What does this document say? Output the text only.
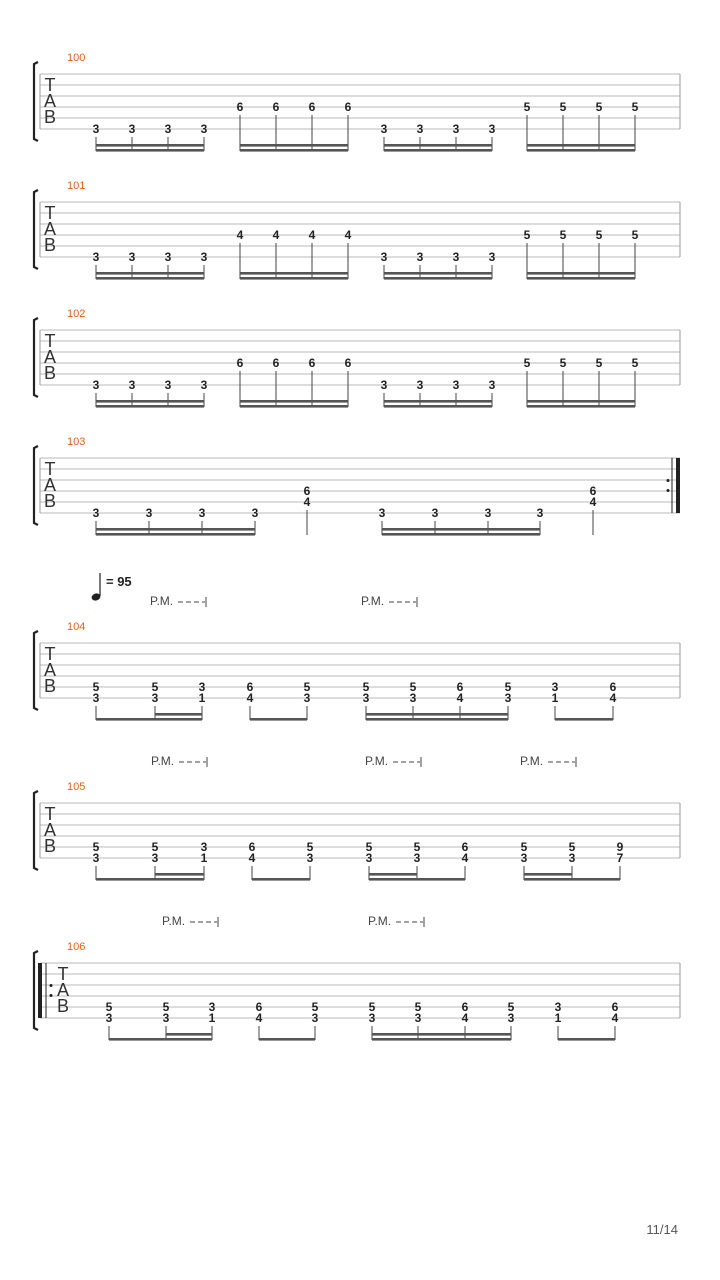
T
A
B
100
3 3 3 3
6 6 6 6
3 3 3 3
5 5 5 5
T
A
B
101
3 3 3 3
4 4 4 4
3 3 3 3
5 5 5 5
T
A
B
102
3 3 3 3
6 6 6 6
3 3 3 3
5 5 5 5
T
A
B
103
3	3	3	3
6
4
3	3	3	3
6
4
T
A
B
104
= 95
P.M.	P.M.
5
3
5
3
3
1
6
4
5
3
5
3
5
3
6
4
5
3
3
1
6
4
T
A
B
105
P.M.	P.M.	P.M.
5
3
5
3
3
1
6
4
5
3
5
3
5
3
6
4
5
3
5
3
9
7
T
A
B
106
P.M.	P.M.
5
3
5
3
3
1
6
4
5
3
5
3
5
3
6
4
5
3
3
1
6
4
11/14
